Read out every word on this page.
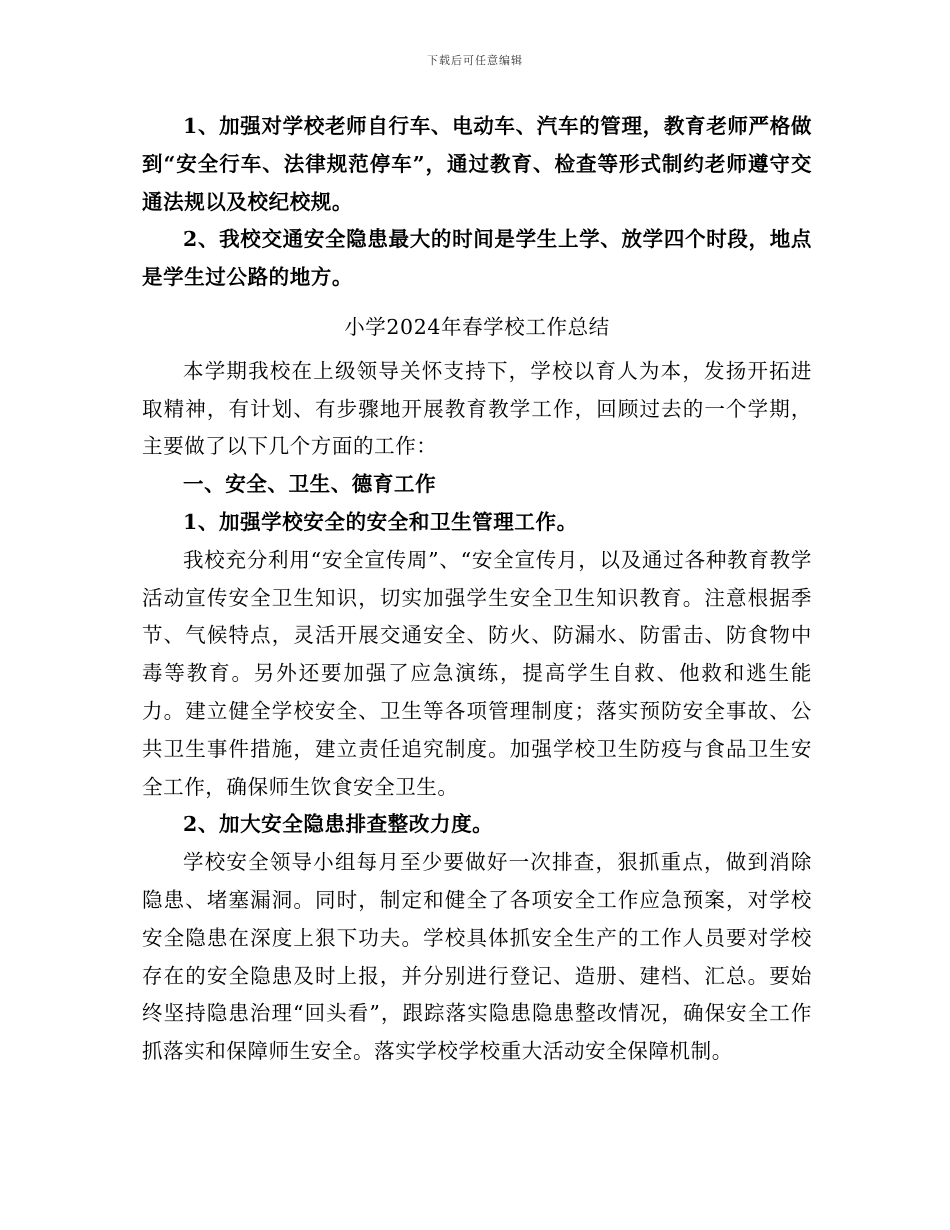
下载后可任意编辑

1、加强对学校老师自行车、电动车、汽车的管理，教育老师严格做到“安全行车、法律规范停车”，通过教育、检查等形式制约老师遵守交通法规以及校纪校规。

2、我校交通安全隐患最大的时间是学生上学、放学四个时段，地点是学生过公路的地方。

小学2024年春学校工作总结

本学期我校在上级领导关怀支持下，学校以育人为本，发扬开拓进取精神，有计划、有步骤地开展教育教学工作，回顾过去的一个学期，主要做了以下几个方面的工作：

一、安全、卫生、德育工作

1、加强学校安全的安全和卫生管理工作。

我校充分利用“安全宣传周”、“安全宣传月，以及通过各种教育教学活动宣传安全卫生知识，切实加强学生安全卫生知识教育。注意根据季节、气候特点，灵活开展交通安全、防火、防漏水、防雷击、防食物中毒等教育。另外还要加强了应急演练，提高学生自救、他救和逃生能力。建立健全学校安全、卫生等各项管理制度；落实预防安全事故、公共卫生事件措施，建立责任追究制度。加强学校卫生防疫与食品卫生安全工作，确保师生饮食安全卫生。

2、加大安全隐患排查整改力度。

学校安全领导小组每月至少要做好一次排查，狠抓重点，做到消除隐患、堵塞漏洞。同时，制定和健全了各项安全工作应急预案，对学校安全隐患在深度上狠下功夫。学校具体抓安全生产的工作人员要对学校存在的安全隐患及时上报，并分别进行登记、造册、建档、汇总。要始终坚持隐患治理“回头看”，跟踪落实隐患隐患整改情况，确保安全工作抓落实和保障师生安全。落实学校学校重大活动安全保障机制。
